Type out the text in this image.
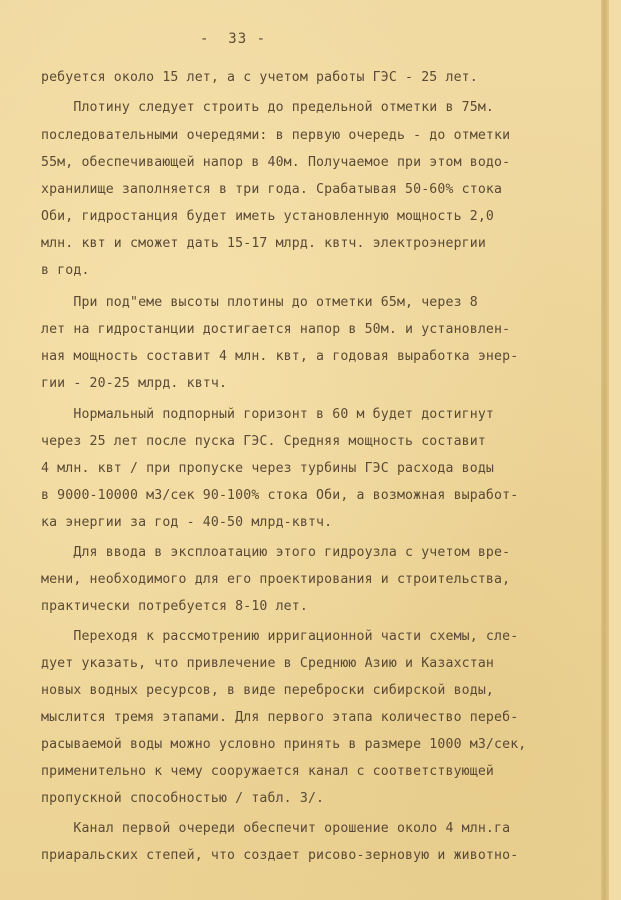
-  33 -

ребуется около 15 лет, а с учетом работы ГЭС - 25 лет.

Плотину следует строить до предельной отметки в 75м.

последовательными очередями: в первую очередь - до отметки

55м, обеспечивающей напор в 40м. Получаемое при этом водо-

хранилище заполняется в три года. Срабатывая 50-60% стока

Оби, гидростанция будет иметь установленную мощность 2,0

млн. квт и сможет дать 15-17 млрд. квтч. электроэнергии

в год.

При под"еме высоты плотины до отметки 65м, через 8

лет на гидростанции достигается напор в 50м. и установлен-

ная мощность составит 4 млн. квт, а годовая выработка энер-

гии - 20-25 млрд. квтч.

Нормальный подпорный горизонт в 60 м будет достигнут

через 25 лет после пуска ГЭС. Средняя мощность составит

4 млн. квт / при пропуске через турбины ГЭС расхода воды

в 9000-10000 м3/сек 90-100% стока Оби, а возможная выработ-

ка энергии за год - 40-50 млрд-квтч.

Для ввода в эксплоатацию этого гидроузла с учетом вре-

мени, необходимого для его проектирования и строительства,

практически потребуется 8-10 лет.

Переходя к рассмотрению ирригационной части схемы, сле-

дует указать, что привлечение в Среднюю Азию и Казахстан

новых водных ресурсов, в виде переброски сибирской воды,

мыслится тремя этапами. Для первого этапа количество переб-

расываемой воды можно условно принять в размере 1000 м3/сек,

применительно к чему сооружается канал с соответствующей

пропускной способностью / табл. 3/.

Канал первой очереди обеспечит орошение около 4 млн.га

приаральских степей, что создает рисово-зерновую и животно-
